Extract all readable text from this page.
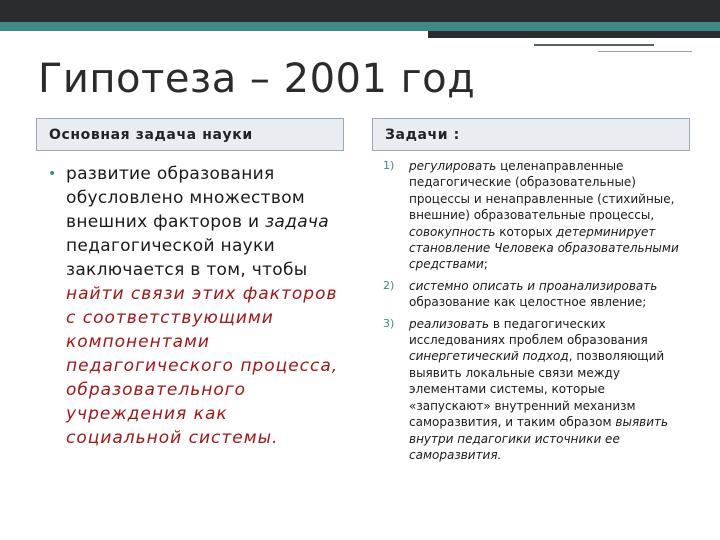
Гипотеза – 2001 год
Основная задача науки	Задачи :
• развитие образования обусловлено множеством внешних факторов и задача педагогической науки заключается в том, чтобы найти связи этих факторов с соответствующими компонентами педагогического процесса, образовательного учреждения как социальной системы.
1)	регулировать целенаправленные педагогические (образовательные) процессы и ненаправленные (стихийные, внешние) образовательные процессы, совокупность которых детерминирует становление Человека образовательными средствами;
2)	системно описать и проанализировать образование как целостное явление;
3)	реализовать в педагогических исследованиях проблем образования синергетический подход, позволяющий выявить локальные связи между элементами системы, которые «запускают» внутренний механизм саморазвития, и таким образом выявить внутри педагогики источники ее саморазвития.
